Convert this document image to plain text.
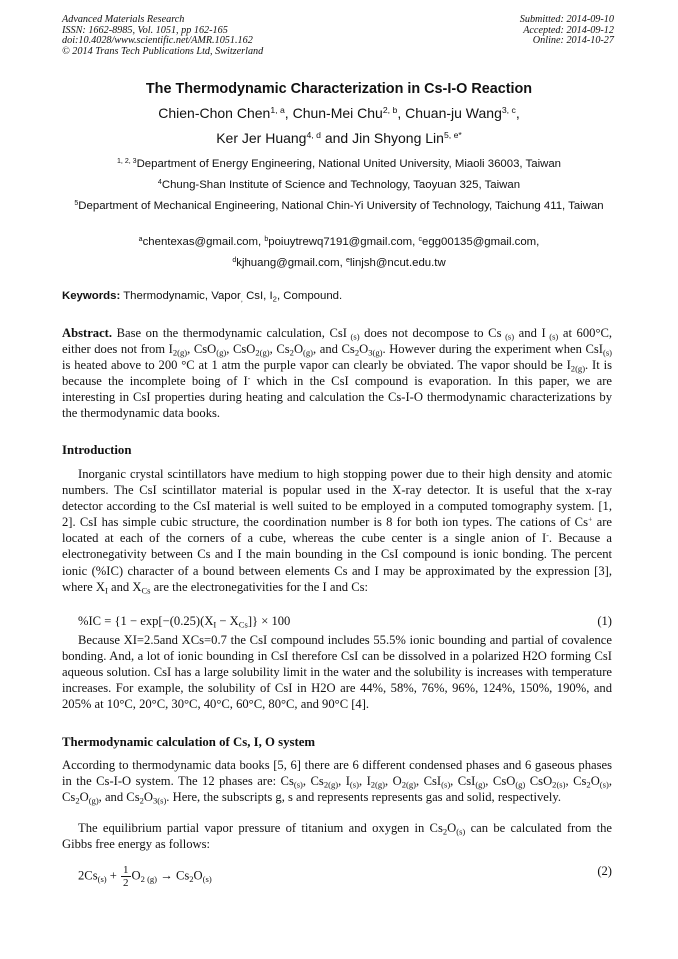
Advanced Materials Research
ISSN: 1662-8985, Vol. 1051, pp 162-165
doi:10.4028/www.scientific.net/AMR.1051.162
© 2014 Trans Tech Publications Ltd, Switzerland
Submitted: 2014-09-10
Accepted: 2014-09-12
Online: 2014-10-27
The Thermodynamic Characterization in Cs-I-O Reaction
Chien-Chon Chen$^{1, a}$, Chun-Mei Chu$^{2, b}$, Chuan-ju Wang$^{3, c}$,
Ker Jer Huang$^{4, d}$ and Jin Shyong Lin$^{5, e*}$
$^{1, 2, 3}$Department of Energy Engineering, National United University, Miaoli 36003, Taiwan
$^4$Chung-Shan Institute of Science and Technology, Taoyuan 325, Taiwan
$^5$Department of Mechanical Engineering, National Chin-Yi University of Technology, Taichung 411, Taiwan
$^a$chentexas@gmail.com, $^b$poiuytrewq7191@gmail.com, $^c$egg00135@gmail.com,
$^d$kjhuang@gmail.com, $^e$linjsh@ncut.edu.tw
Keywords: Thermodynamic, Vapor$_,$ CsI, $I_2$, Compound.
Abstract. Base on the thermodynamic calculation, CsI $_{(s)}$ does not decompose to Cs $_{(s)}$ and I $_{(s)}$ at 600°C, either does not from $I_{2(g)}$, CsO$_{(g)}$, CsO$_{2(g)}$, $Cs_2O_{(g)}$, and $Cs_2O_{3(g)}$. However during the experiment when CsI$_{(s)}$ is heated above to 200 °C at 1 atm the purple vapor can clearly be obviated. The vapor should be $I_{2(g)}$. It is because the incomplete boing of I- which in the CsI compound is evaporation. In this paper, we are interesting in CsI properties during heating and calculation the Cs-I-O thermodynamic characterizations by the thermodynamic data books.
Introduction
Inorganic crystal scintillators have medium to high stopping power due to their high density and atomic numbers. The CsI scintillator material is popular used in the X-ray detector. It is useful that the x-ray detector according to the CsI material is well suited to be employed in a computed tomography system. [1, 2]. CsI has simple cubic structure, the coordination number is 8 for both ion types. The cations of Cs+ are located at each of the corners of a cube, whereas the cube center is a single anion of I-. Because a electronegativity between Cs and I the main bounding in the CsI compound is ionic bonding. The percent ionic (%IC) character of a bound between elements Cs and I may be approximated by the expression [3], where $X_I$ and $X_{Cs}$ are the electronegativities for the I and Cs:
$\%IC = \{1 - \exp[-(0.25)(X_I - X_{Cs}]\} \times 100$	(1)
Because XI=2.5and XCs=0.7 the CsI compound includes 55.5% ionic bounding and partial of covalence bonding. And, a lot of ionic bounding in CsI therefore CsI can be dissolved in a polarized H2O forming CsI aqueous solution. CsI has a large solubility limit in the water and the solubility is increases with temperature increases. For example, the solubility of CsI in H2O are 44%, 58%, 76%, 96%, 124%, 150%, 190%, and 205% at 10°C, 20°C, 30°C, 40°C, 60°C, 80°C, and 90°C [4].
Thermodynamic calculation of Cs, I, O system
According to thermodynamic data books [5, 6] there are 6 different condensed phases and 6 gaseous phases in the Cs-I-O system. The 12 phases are: $Cs_{(s)}$, $Cs_{2(g)}$, $I_{(s)}$, $I_{2(g)}$, $O_{2(g)}$, CsI$_{(s)}$, CsI$_{(g)}$, CsO$_{(g)}$ CsO$_{2(s)}$, $Cs_2O_{(s)}$, $Cs_2O_{(g)}$, and $Cs_2O_{3(s)}$. Here, the subscripts g, s and represents represents gas and solid, respectively.
The equilibrium partial vapor pressure of titanium and oxygen in $Cs_2O_{(s)}$ can be calculated from the Gibbs free energy as follows:
$2Cs_{(s)} + \frac{1}{2} O_{2 (g)} \to Cs_2O_{(s)}$
(2)
